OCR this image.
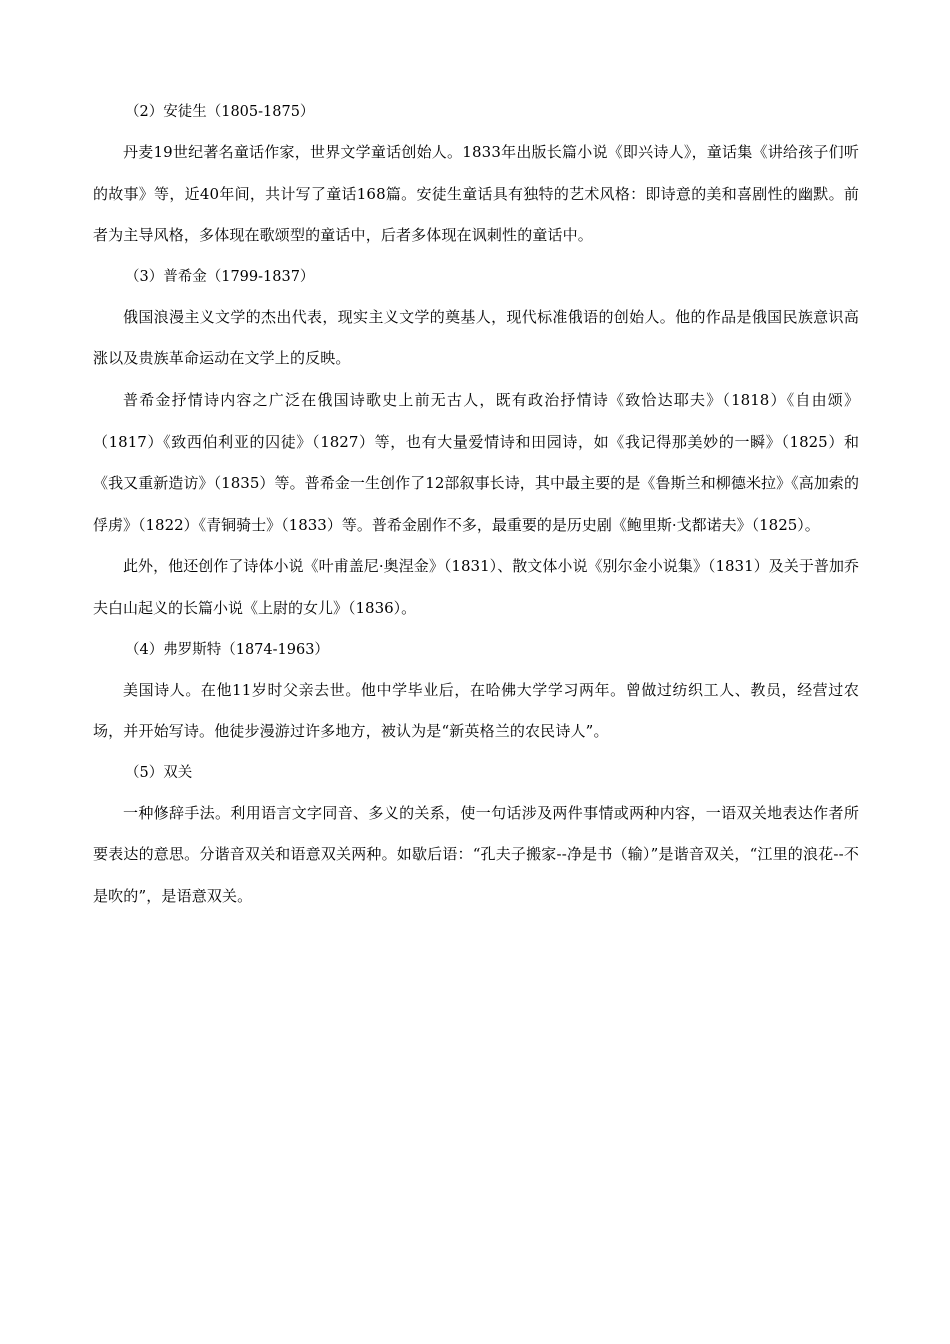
（2）安徒生（1805-1875）

丹麦19世纪著名童话作家，世界文学童话创始人。1833年出版长篇小说《即兴诗人》，童话集《讲给孩子们听的故事》等，近40年间，共计写了童话168篇。安徒生童话具有独特的艺术风格：即诗意的美和喜剧性的幽默。前者为主导风格，多体现在歌颂型的童话中，后者多体现在讽刺性的童话中。

（3）普希金（1799-1837）

俄国浪漫主义文学的杰出代表，现实主义文学的奠基人，现代标准俄语的创始人。他的作品是俄国民族意识高涨以及贵族革命运动在文学上的反映。

普希金抒情诗内容之广泛在俄国诗歌史上前无古人，既有政治抒情诗《致恰达耶夫》（1818）《自由颂》（1817）《致西伯利亚的囚徒》（1827）等，也有大量爱情诗和田园诗，如《我记得那美妙的一瞬》（1825）和《我又重新造访》（1835）等。普希金一生创作了12部叙事长诗，其中最主要的是《鲁斯兰和柳德米拉》《高加索的俘虏》（1822）《青铜骑士》（1833）等。普希金剧作不多，最重要的是历史剧《鲍里斯·戈都诺夫》（1825）。

此外，他还创作了诗体小说《叶甫盖尼·奥涅金》（1831）、散文体小说《别尔金小说集》（1831）及关于普加乔夫白山起义的长篇小说《上尉的女儿》（1836）。

（4）弗罗斯特（1874-1963）

美国诗人。在他11岁时父亲去世。他中学毕业后，在哈佛大学学习两年。曾做过纺织工人、教员，经营过农场，并开始写诗。他徒步漫游过许多地方，被认为是“新英格兰的农民诗人”。

（5）双关

一种修辞手法。利用语言文字同音、多义的关系，使一句话涉及两件事情或两种内容，一语双关地表达作者所要表达的意思。分谐音双关和语意双关两种。如歇后语：“孔夫子搬家--净是书（输）”是谐音双关，“江里的浪花--不是吹的”，是语意双关。
